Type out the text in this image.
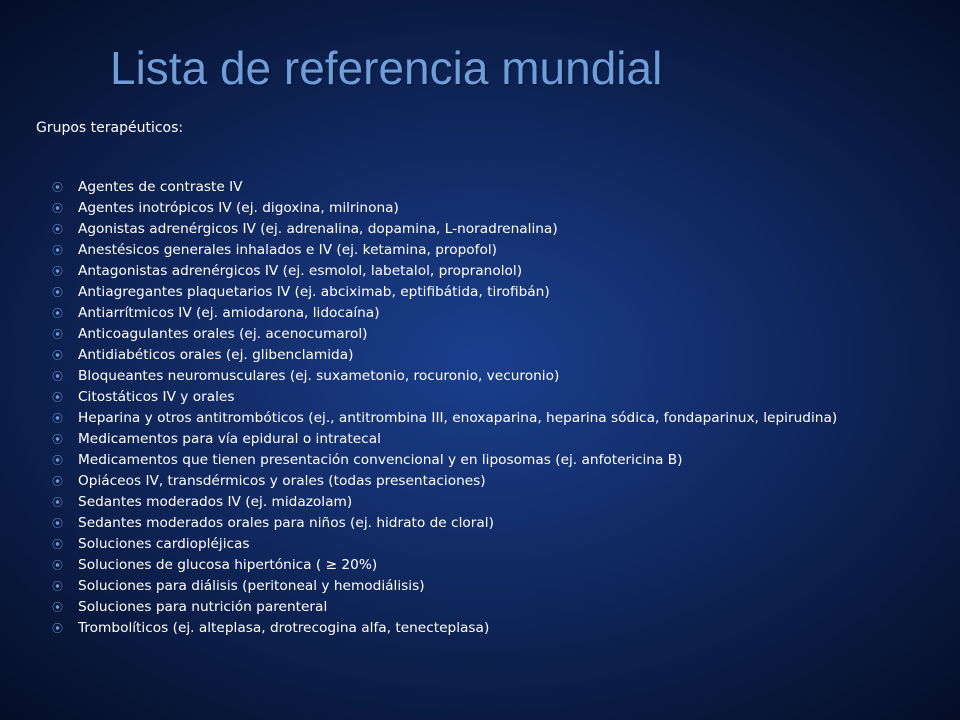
Lista de referencia mundial
Grupos terapéuticos:
⦿ Agentes de contraste IV
⦿ Agentes inotrópicos IV (ej. digoxina, milrinona)
⦿ Agonistas adrenérgicos IV (ej. adrenalina, dopamina, L-noradrenalina)
⦿ Anestésicos generales inhalados e IV (ej. ketamina, propofol)
⦿ Antagonistas adrenérgicos IV (ej. esmolol, labetalol, propranolol)
⦿ Antiagregantes plaquetarios IV (ej. abciximab, eptifibátida, tirofibán)
⦿ Antiarrítmicos IV (ej. amiodarona, lidocaína)
⦿ Anticoagulantes orales (ej. acenocumarol)
⦿ Antidiabéticos orales (ej. glibenclamida)
⦿ Bloqueantes neuromusculares (ej. suxametonio, rocuronio, vecuronio)
⦿ Citostáticos IV y orales
⦿ Heparina y otros antitrombóticos (ej., antitrombina III, enoxaparina, heparina sódica, fondaparinux, lepirudina)
⦿ Medicamentos para vía epidural o intratecal
⦿ Medicamentos que tienen presentación convencional y en liposomas (ej. anfotericina B)
⦿ Opiáceos IV, transdérmicos y orales (todas presentaciones)
⦿ Sedantes moderados IV (ej. midazolam)
⦿ Sedantes moderados orales para niños (ej. hidrato de cloral)
⦿ Soluciones cardiopléjicas
⦿ Soluciones de glucosa hipertónica ( ≥ 20%)
⦿ Soluciones para diálisis (peritoneal y hemodiálisis)
⦿ Soluciones para nutrición parenteral
⦿ Trombolíticos (ej. alteplasa, drotrecogina alfa, tenecteplasa)
